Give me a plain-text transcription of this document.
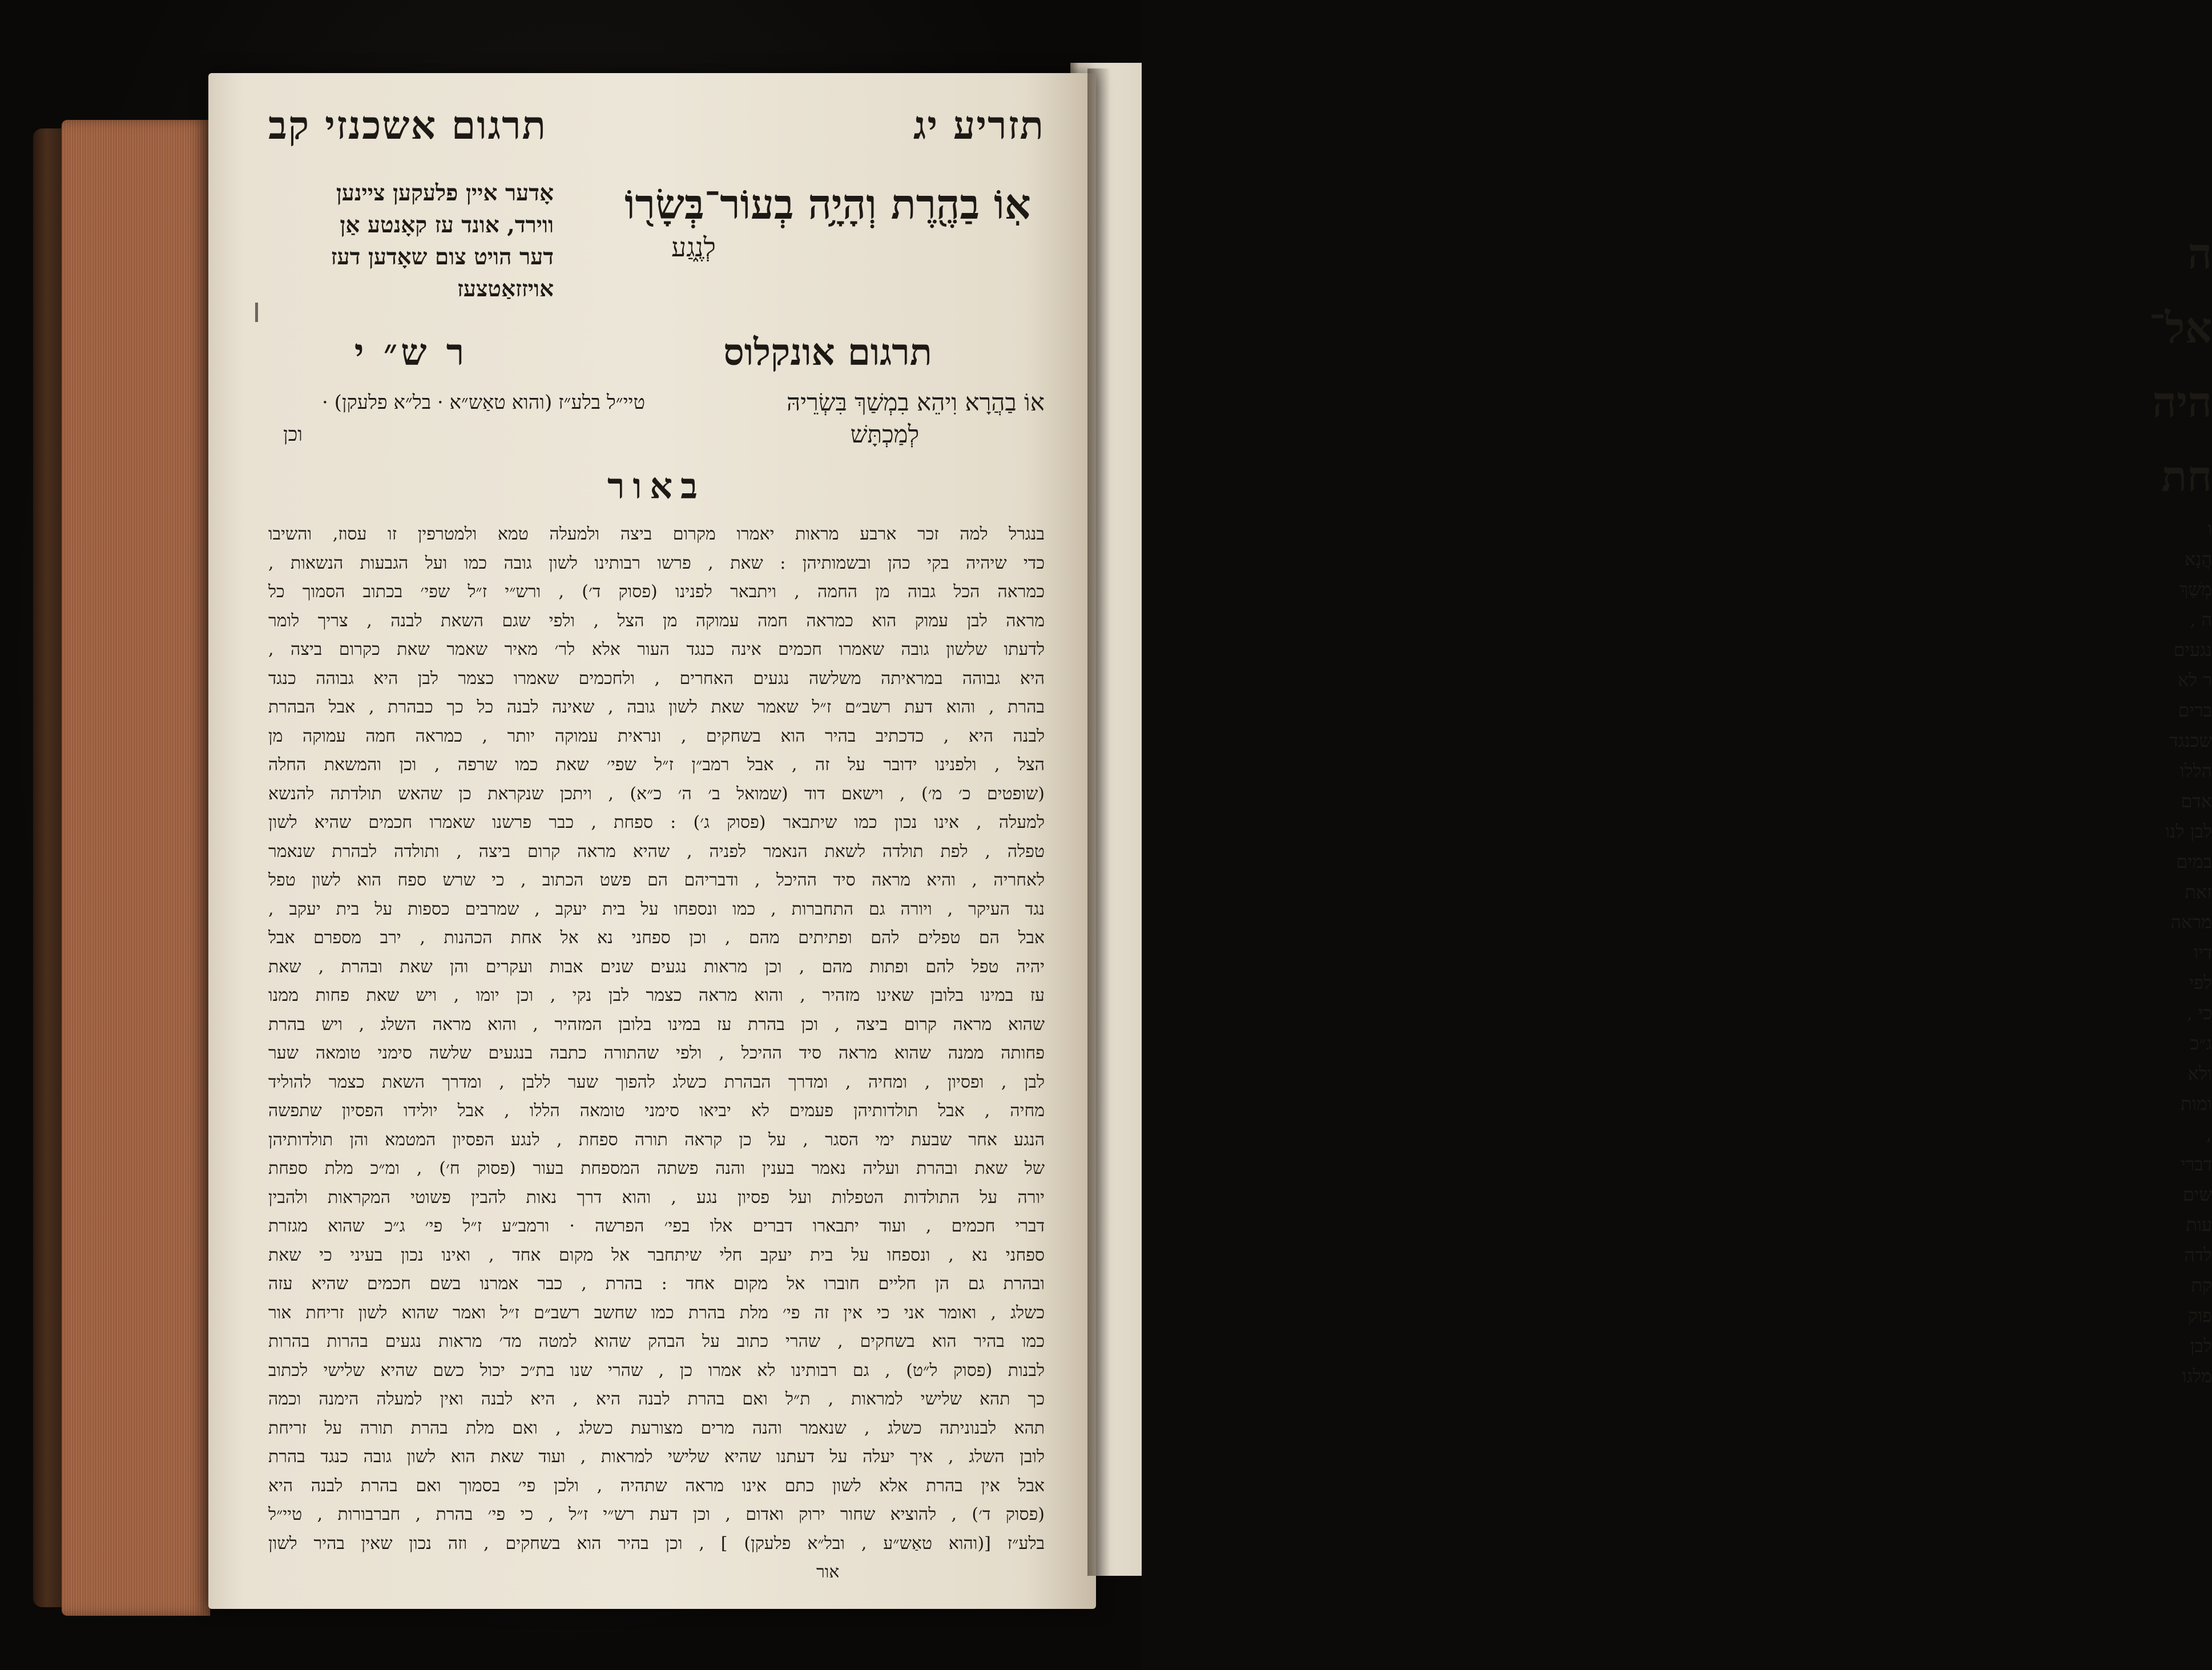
ה
אל־
היה
חת
ו
הֲנָא
מְשַׁךְ
ה ,
נגעים
ר לא
ברים
שכנגד
הללו
אדם
לבן לנו
במים
זאת
מראה
דיו
לפי
כי ,
ג״כ
ולא
ומות
,
דברי
שים
עות
לדה
קת
פוק
לבן
מלגו
תזריע יג
תרגום אשכנזיקב
אֽוֹ בַהֶ֖רֶת וְהָיָ֥ה בְעוֹר־בְּשָׂר֖וֹ
לְנֶ֑גַע
אָדער איין פלעקען ציינען
ווירד, אונד עז קאָנטע אַן
דער הויט צום שאָדען דעז
אויזזאַטצעז
תרגום אונקלוס
ר ש״ י
אוֹ בַהֲרָא וִיהֵא בִמְשַׁךְ בִּשְׂרֵיהּ
לְמַכְתָּשׁ
טיי״ל בלע״ז (והוא טאַש״א · בל״א פלעקן) ·
וכן
באור
בנגרל למה זכר ארבע מראות יאמרו מקרום ביצה ולמעלה טמא ולמטרפין זו עסוז, והשיבו
כדי שיהיה בקי כהן ובשמותיהן : שאת , פרשו רבותינו לשון גובה כמו ועל הגבעות הנשאות ,
כמראה הכל גבוה מן החמה , ויתבאר לפנינו (פסוק ד׳) , ורש״י ז״ל שפי׳ בכתוב הסמוך כל
מראה לבן עמוק הוא כמראה חמה עמוקה מן הצל , ולפי שגם השאת לבנה , צריך לומר
לדעתו שלשון גובה שאמרו חכמים אינה כנגד העור אלא לר׳ מאיר שאמר שאת כקרום ביצה ,
היא גבוהה במראיתה משלשה נגעים האחרים , ולחכמים שאמרו כצמר לבן היא גבוהה כנגד
בהרת , והוא דעת רשב״ם ז״ל שאמר שאת לשון גובה , שאינה לבנה כל כך כבהרת , אבל הבהרת
לבנה היא , כדכתיב בהיר הוא בשחקים , ונראית עמוקה יותר , כמראה חמה עמוקה מן
הצל , ולפנינו ידובר על זה , אבל רמב״ן ז״ל שפי׳ שאת כמו שרפה , וכן והמשאת החלה
(שופטים כ׳ מ׳) , וישאם דוד (שמואל ב׳ ה׳ כ״א) , ויתכן שנקראת כן שהאש תולדתה להנשא
למעלה , אינו נכון כמו שיתבאר (פסוק ג׳) : ספחת , כבר פרשנו שאמרו חכמים שהיא לשון
טפלה , לפת תולדה לשאת הנאמר לפניה , שהיא מראה קרום ביצה , ותולדה לבהרת שנאמר
לאחריה , והיא מראה סיד ההיכל , ודבריהם הם פשט הכתוב , כי שרש ספח הוא לשון טפל
נגד העיקר , ויורה גם התחברות , כמו ונספחו על בית יעקב , שמרבים כספות על בית יעקב ,
אבל הם טפלים להם ופתיתים מהם , וכן ספחני נא אל אחת הכהנות , ירב מספרם אבל
יהיה טפל להם ופתות מהם , וכן מראות נגעים שנים אבות ועקרים והן שאת ובהרת , שאת
עז במינו בלובן שאינו מזהיר , והוא מראה כצמר לבן נקי , וכן יומו , ויש שאת פחות ממנו
שהוא מראה קרום ביצה , וכן בהרת עז במינו בלובן המזהיר , והוא מראה השלג , ויש בהרת
פחותה ממנה שהוא מראה סיד ההיכל , ולפי שהתורה כתבה בנגעים שלשה סימני טומאה שער
לבן , ופסיון , ומחיה , ומדרך הבהרת כשלג להפוך שער ללבן , ומדרך השאת כצמר להוליד
מחיה , אבל תולדותיהן פעמים לא יביאו סימני טומאה הללו , אבל יולידו הפסיון שתפשה
הנגע אחר שבעת ימי הסגר , על כן קראה תורה ספחת , לנגע הפסיון המטמא והן תולדותיהן
של שאת ובהרת ועליה נאמר בענין והנה פשתה המספחת בעור (פסוק ח׳) , ומ״כ מלת ספחת
יורה על התולדות הטפלות ועל פסיון נגע , והוא דרך נאות להבין פשוטי המקראות ולהבין
דברי חכמים , ועוד יתבארו דברים אלו בפי׳ הפרשה · ורמב״ע ז״ל פי׳ ג״כ שהוא מגזרת
ספחני נא , ונספחו על בית יעקב חלי שיתחבר אל מקום אחד , ואינו נכון בעיני כי שאת
ובהרת גם הן חליים חוברו אל מקום אחד : בהרת , כבר אמרנו בשם חכמים שהיא עזה
כשלג , ואומר אני כי אין זה פי׳ מלת בהרת כמו שחשב רשב״ם ז״ל ואמר שהוא לשון זריחת אור
כמו בהיר הוא בשחקים , שהרי כתוב על הבהק שהוא למטה מד׳ מראות נגעים בהרות בהרות
לבנות (פסוק ל״ט) , גם רבותינו לא אמרו כן , שהרי שנו בת״כ יכול כשם שהיא שלישי לכתוב
כך תהא שלישי למראות , ת״ל ואם בהרת לבנה היא , היא לבנה ואין למעלה הימנה וכמה
תהא לבנוניתה כשלג , שנאמר והנה מרים מצורעת כשלג , ואם מלת בהרת תורה על זריחת
לובן השלג , איך יעלה על דעתנו שהיא שלישי למראות , ועוד שאת הוא לשון גובה כנגד בהרת
אבל אין בהרת אלא לשון כתם אינו מראה שתהיה , ולכן פי׳ בסמוך ואם בהרת לבנה היא
(פסוק ד׳) , להוציא שחור ירוק ואדום , וכן דעת רש״י ז״ל , כי פי׳ בהרת , חברבורות , טיי״ל
בלע״ז [(והוא טאַש״ע , ובל״א פלעקן) ] , וכן בהיר הוא בשחקים , וזה נכון שאין בהיר לשון
אור
